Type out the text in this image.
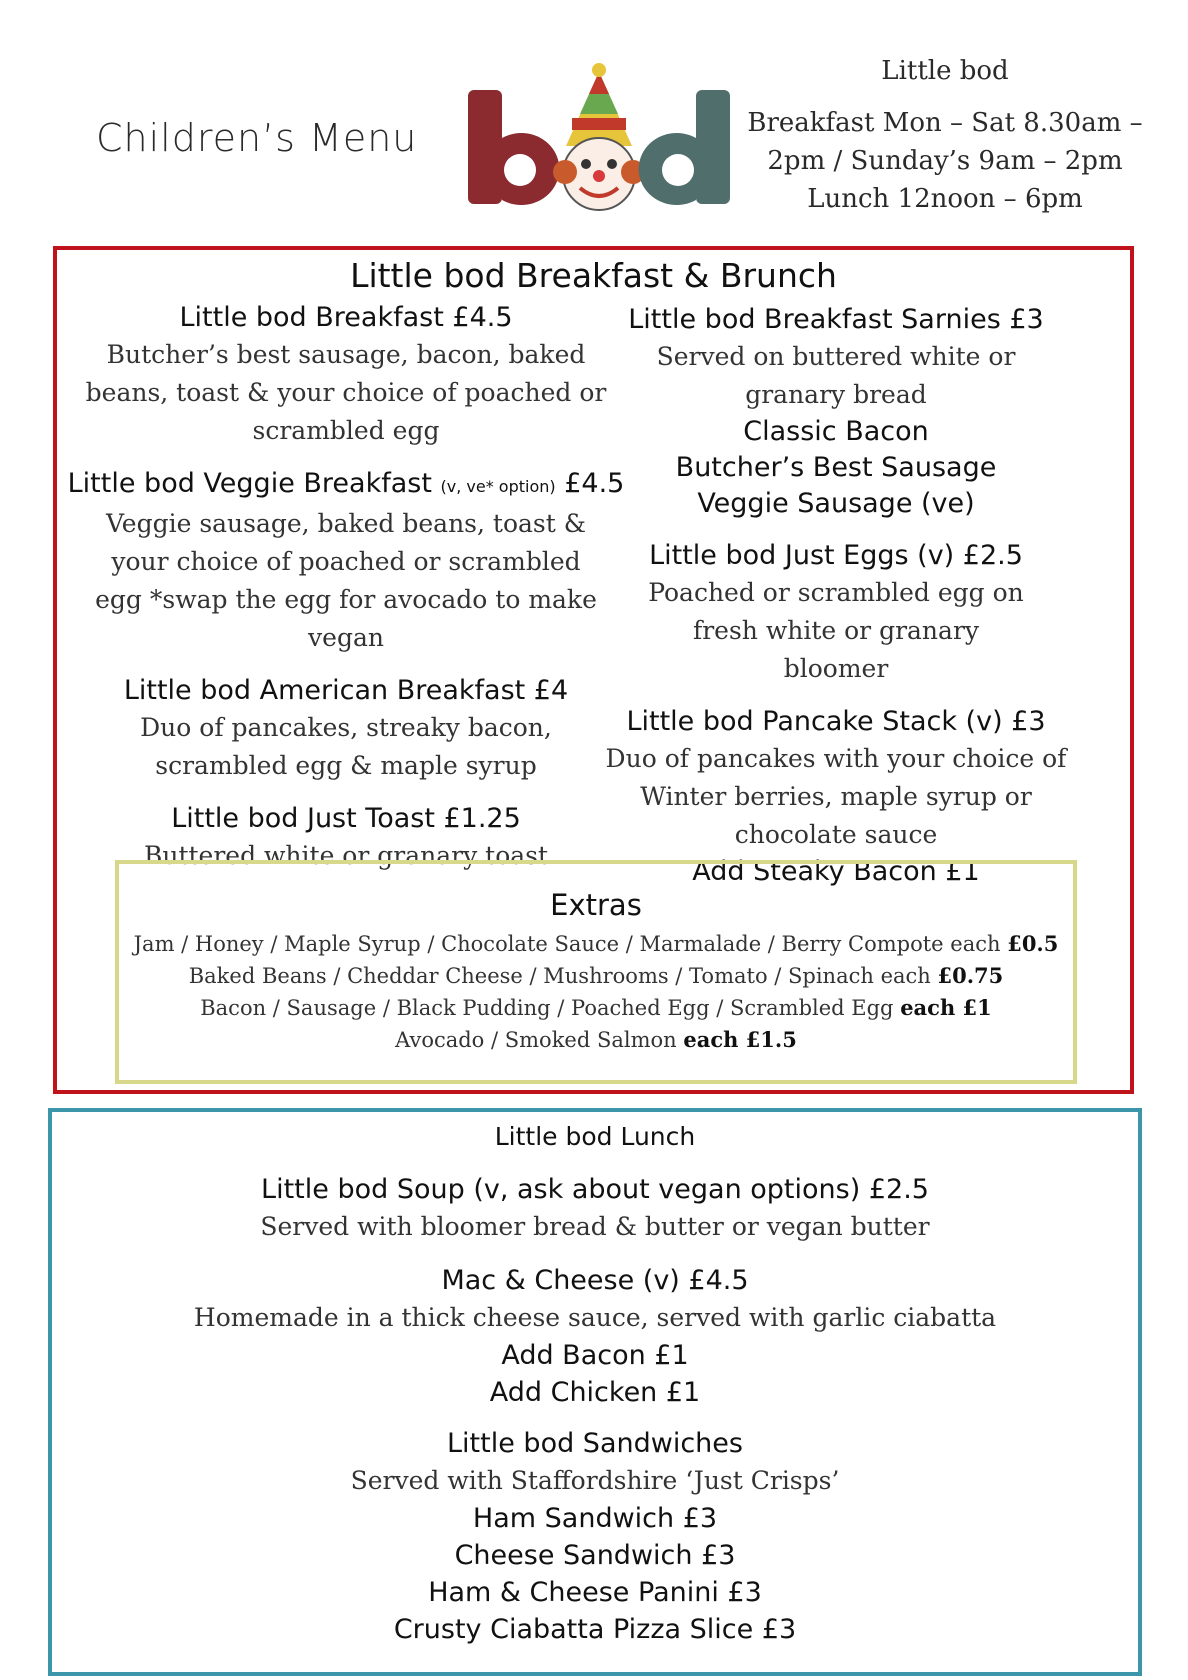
Children’s Menu
Little bod
Breakfast Mon – Sat 8.30am –
2pm / Sunday’s 9am – 2pm
Lunch 12noon – 6pm
Little bod Breakfast & Brunch
Little bod Breakfast £4.5
Butcher’s best sausage, bacon, baked beans, toast & your choice of poached or scrambled egg
Little bod Veggie Breakfast (v, ve* option) £4.5
Veggie sausage, baked beans, toast & your choice of poached or scrambled egg *swap the egg for avocado to make vegan
Little bod American Breakfast £4
Duo of pancakes, streaky bacon, scrambled egg & maple syrup
Little bod Just Toast £1.25
Buttered white or granary toast
Little bod Breakfast Sarnies £3
Served on buttered white or granary bread
Classic Bacon
Butcher’s Best Sausage
Veggie Sausage (ve)
Little bod Just Eggs (v) £2.5
Poached or scrambled egg on fresh white or granary bloomer
Little bod Pancake Stack (v) £3
Duo of pancakes with your choice of Winter berries, maple syrup or chocolate sauce
Add Steaky Bacon £1
Extras
Jam / Honey / Maple Syrup / Chocolate Sauce / Marmalade / Berry Compote each £0.5
Baked Beans / Cheddar Cheese / Mushrooms / Tomato / Spinach each £0.75
Bacon / Sausage / Black Pudding / Poached Egg / Scrambled Egg each £1
Avocado / Smoked Salmon each £1.5
Little bod Lunch
Little bod Soup (v, ask about vegan options) £2.5
Served with bloomer bread & butter or vegan butter
Mac & Cheese (v) £4.5
Homemade in a thick cheese sauce, served with garlic ciabatta
Add Bacon £1
Add Chicken £1
Little bod Sandwiches
Served with Staffordshire ‘Just Crisps’
Ham Sandwich £3
Cheese Sandwich £3
Ham & Cheese Panini £3
Crusty Ciabatta Pizza Slice £3
